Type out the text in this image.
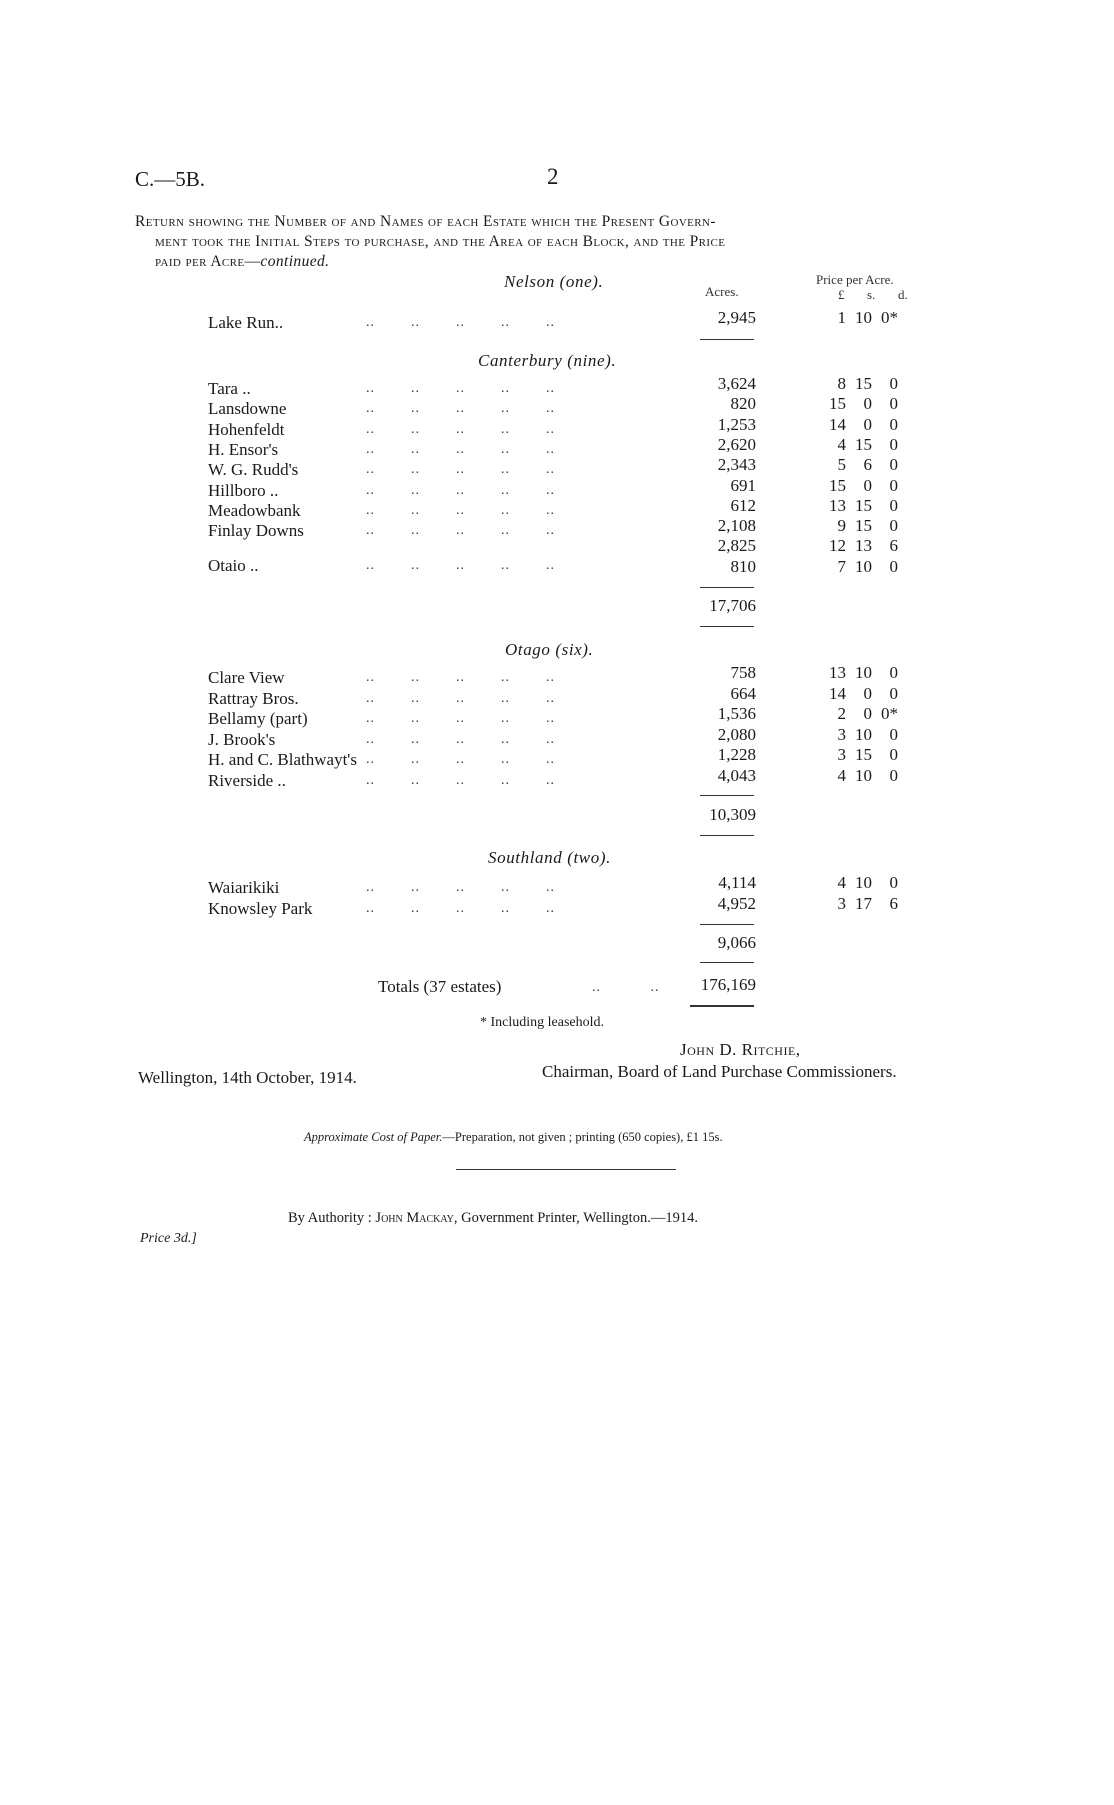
C.—5B.	2
Return showing the Number of and Names of each Estate which the Present Govern-
ment took the Initial Steps to purchase, and the Area of each Block, and the Price
paid per Acre—continued.
Nelson (one).
Acres.
Price per Acre.
£ s. d.
Lake Run..	..        ..        ..        ..        ..	2,945	1 10 0*
Canterbury (nine).
Tara ..	..        ..        ..        ..        ..	3,624	8 15 0
Lansdowne	..        ..        ..        ..        ..	820	15 0 0
Hohenfeldt	..        ..        ..        ..        ..	1,253	14 0 0
H. Ensor's	..        ..        ..        ..        ..	2,620	4 15 0
W. G. Rudd's	..        ..        ..        ..        ..	2,343	5 6 0
Hillboro ..	..        ..        ..        ..        ..	691	15 0 0
Meadowbank	..        ..        ..        ..        ..	612	13 15 0
Finlay Downs	..        ..        ..        ..        ..	2,108	9 15 0
2,825	12 13 6
Otaio ..	..        ..        ..        ..        ..	810	7 10 0
17,706
Otago (six).
Clare View	..        ..        ..        ..        ..	758	13 10 0
Rattray Bros.	..        ..        ..        ..        ..	664	14 0 0
Bellamy (part)	..        ..        ..        ..        ..	1,536	2 0 0*
J. Brook's	..        ..        ..        ..        ..	2,080	3 10 0
H. and C. Blathwayt's ..        ..        ..        ..        ..	1,228	3 15 0
Riverside ..	..        ..        ..        ..        ..	4,043	4 10 0
10,309
Southland (two).
Waiarikiki	..        ..        ..        ..        ..	4,114	4 10 0
Knowsley Park	..        ..        ..        ..        ..	4,952	3 17 6
9,066
Totals (37 estates)	..           ..	176,169
* Including leasehold.
John D. Ritchie,
Chairman, Board of Land Purchase Commissioners.
Wellington, 14th October, 1914.
Approximate Cost of Paper.—Preparation, not given ; printing (650 copies), £1 15s.
By Authority : John Mackay, Government Printer, Wellington.—1914.
Price 3d.]
